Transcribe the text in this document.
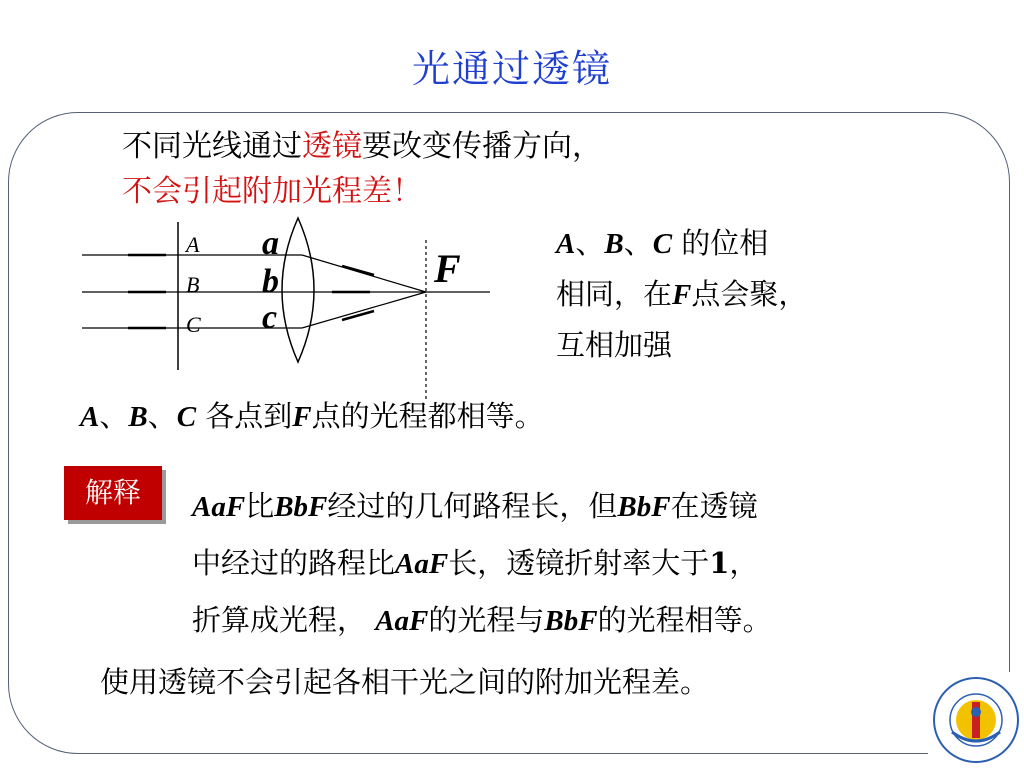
光通过透镜
不同光线通过透镜要改变传播方向，
不会引起附加光程差！
A
B
C
a
b
c
F
A、B、C 的位相
相同，在F点会聚，
互相加强
A、B、C 各点到F点的光程都相等。
解释	AaF比BbF经过的几何路程长，但BbF在透镜

中经过的路程比AaF长，透镜折射率大于1，

折算成光程， AaF的光程与BbF的光程相等。

使用透镜不会引起各相干光之间的附加光程差。
